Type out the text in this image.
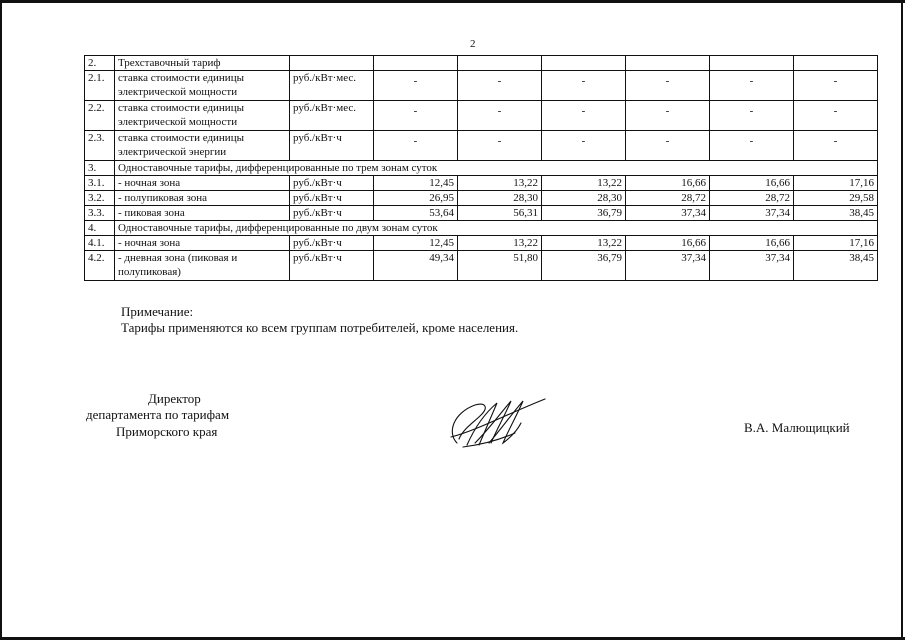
2
2.	Трехставочный тариф							
2.1.	ставка стоимости единицы электрической мощности	руб./кВт·мес.	-	-	-	-	-	-
2.2.	ставка стоимости единицы электрической мощности	руб./кВт·мес.	-	-	-	-	-	-
2.3.	ставка стоимости единицы электрической энергии	руб./кВт·ч	-	-	-	-	-	-
3.	Одноставочные тарифы, дифференцированные по трем зонам суток							
3.1.	- ночная зона	руб./кВт·ч	12,45	13,22	13,22	16,66	16,66	17,16
3.2.	- полупиковая зона	руб./кВт·ч	26,95	28,30	28,30	28,72	28,72	29,58
3.3.	- пиковая зона	руб./кВт·ч	53,64	56,31	36,79	37,34	37,34	38,45
4.	Одноставочные тарифы, дифференцированные по двум зонам суток							
4.1.	- ночная зона	руб./кВт·ч	12,45	13,22	13,22	16,66	16,66	17,16
4.2.	- дневная зона (пиковая и полупиковая)	руб./кВт·ч	49,34	51,80	36,79	37,34	37,34	38,45
Примечание:
Тарифы применяются ко всем группам потребителей, кроме населения.
Директор
департамента по тарифам
Приморского края	В.А. Малющицкий
